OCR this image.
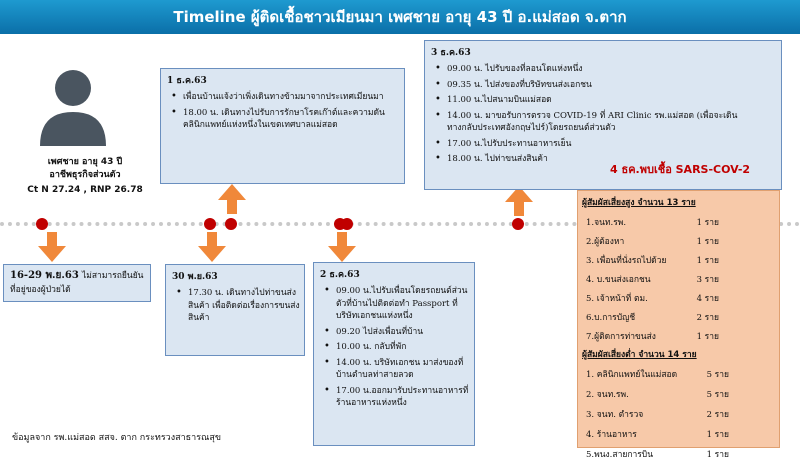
Timeline ผู้ติดเชื้อชาวเมียนมา เพศชาย อายุ 43 ปี อ.แม่สอด จ.ตาก
เพศชาย อายุ 43 ปี
อาชีพธุรกิจส่วนตัว
Ct N 27.24 , RNP 26.78
16-29 พ.ย.63 ไม่สามารถยืนยันที่อยู่ของผู้ป่วยได้
30 พ.ย.63
• 17.30 น. เดินทางไปท่าขนส่งสินค้า เพื่อติดต่อเรื่องการขนส่งสินค้า
1 ธ.ค.63
• เพื่อนบ้านแจ้งว่าเพิ่งเดินทางข้ามมาจากประเทศเมียนมา
• 18.00 น. เดินทางไปรับการรักษาโรคเก๊าต์และความดัน คลินิกแพทย์แห่งหนึ่งในเขตเทศบาลแม่สอด
2 ธ.ค.63
• 09.00 น.ไปรับเพื่อนโดยรถยนต์ส่วนตัวที่บ้านไปติดต่อทำ Passport ที่ บริษัทเอกชนแห่งหนึ่ง
• 09.20 ไปส่งเพื่อนที่บ้าน
• 10.00 น. กลับที่พัก
• 14.00 น. บริษัทเอกชน มาส่งของที่บ้านตำบลท่าสายลวด
• 17.00 น.ออกมารับประทานอาหารที่ร้านอาหารแห่งหนึ่ง
3 ธ.ค.63
• 09.00 น. ไปรับของที่ลอนโดแห่งหนึ่ง
• 09.35 น. ไปส่งของที่บริษัทขนส่งเอกชน
• 11.00 น.ไปสนามบินแม่สอด
• 14.00 น. มาขอรับการตรวจ COVID-19 ที่ ARI Clinic รพ.แม่สอด (เพื่อจะเดินทางกลับประเทศอังกฤษไปร์)โดยรถยนต์ส่วนตัว
• 17.00 น.ไปรับประทานอาหารเย็น
• 18.00 น. ไปท่าขนส่งสินค้า
4 ธค.พบเชื้อ SARS-COV-2
ผู้สัมผัสเสี่ยงสูง จำนวน 13 ราย
1.จนท.รพ.	1 ราย
2.ผู้ต้องหา	1 ราย
3. เพื่อนที่นั่งรถไปด้วย	1 ราย
4. บ.ขนส่งเอกชน	3 ราย
5. เจ้าหน้าที่ ตม.	4 ราย
6.บ.การบัญชี	2 ราย
7.ผู้ติดการท่าขนส่ง	1 ราย
ผู้สัมผัสเสี่ยงต่ำ จำนวน 14 ราย
1. คลินิกแพทย์ในแม่สอด	5 ราย
2. จนท.รพ.	5 ราย
3. จนท. ตำรวจ	2 ราย
4. ร้านอาหาร	1 ราย
5.พนง.สายการบิน	1 ราย
ข้อมูลจาก รพ.แม่สอด สสจ. ตาก กระทรวงสาธารณสุข
